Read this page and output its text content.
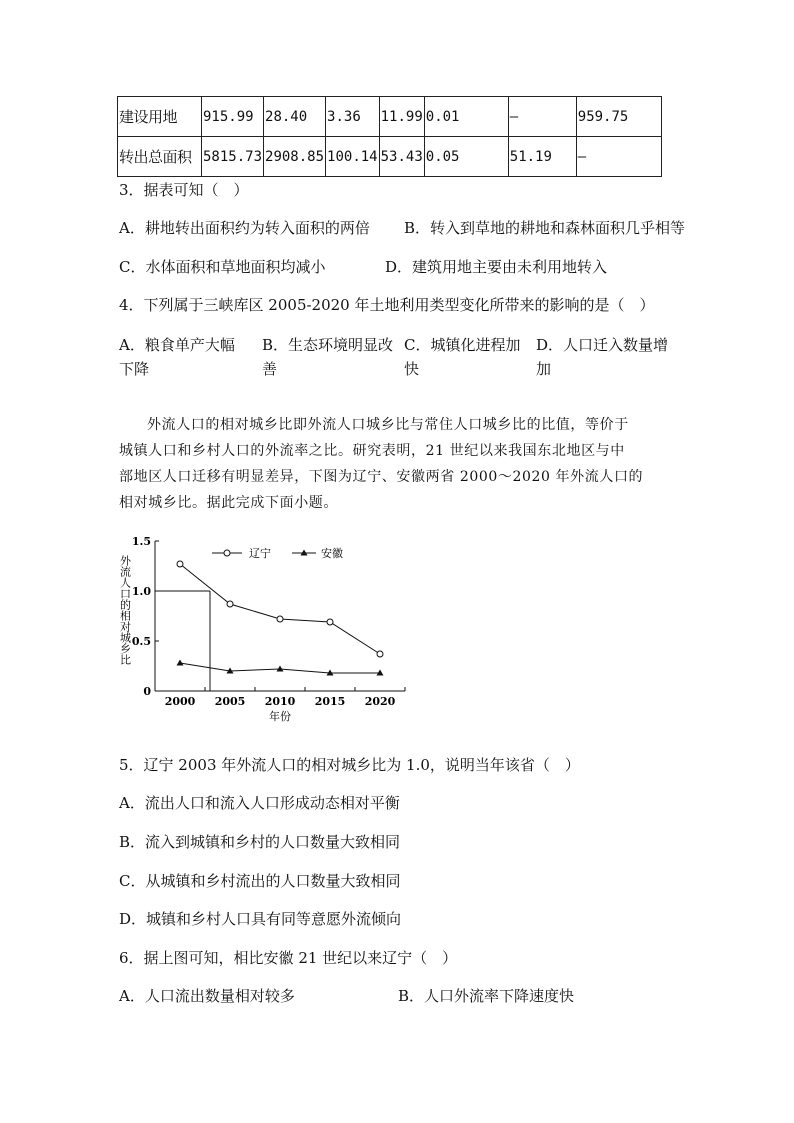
建设用地	915.99	28.40	3.36	11.99	0.01	—	959.75
转出总面积	5815.73	2908.85	100.14	53.43	0.05	51.19	—
3．据表可知（　）
A．耕地转出面积约为转入面积的两倍 B．转入到草地的耕地和森林面积几乎相等
C．水体面积和草地面积均减小	D．建筑用地主要由未利用地转入
4．下列属于三峡库区 2005-2020 年土地利用类型变化所带来的影响的是（　）
A．粮食单产大幅下降
B．生态环境明显改善
C．城镇化进程加快
D．人口迁入数量增加

外流人口的相对城乡比即外流人口城乡比与常住人口城乡比的比值，等价于

城镇人口和乡村人口的外流率之比。研究表明，21 世纪以来我国东北地区与中

部地区人口迁移有明显差异，下图为辽宁、安徽两省 2000～2020 年外流人口的

相对城乡比。据此完成下面小题。

0
0.5
1.0
1.5
2000 2005 2010 2015 2020
外流人口的相对城乡比
年份
辽宁	安徽
5．辽宁 2003 年外流人口的相对城乡比为 1.0，说明当年该省（　）
A．流出人口和流入人口形成动态相对平衡
B．流入到城镇和乡村的人口数量大致相同
C．从城镇和乡村流出的人口数量大致相同
D．城镇和乡村人口具有同等意愿外流倾向
6．据上图可知，相比安徽 21 世纪以来辽宁（　）
A．人口流出数量相对较多	B．人口外流率下降速度快
